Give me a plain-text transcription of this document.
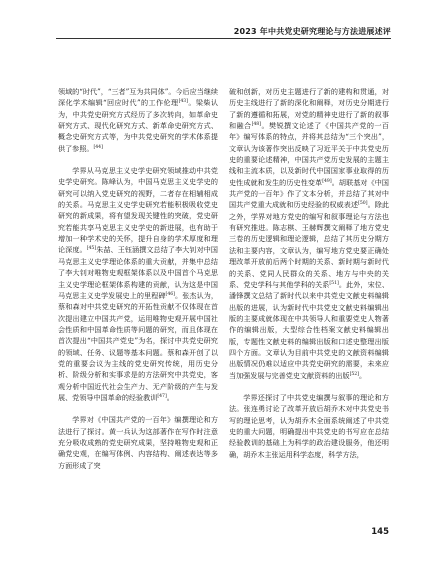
2023 年中共党史研究理论与方法进展述评

领域的“时代”，“三者”互为共同体”。今后应当继续深化学术编辑“回应时代”的工作伦理[43]。梁柴认为，中共党史研究方式经历了多次转向，如革命史研究方式、现代化研究方式、新革命史研究方式、概念史研究方式等，为中共党史研究的学术体系提供了参照。[44]

学界从马克思主义史学史研究领域推动中共党史学史研究。陈峰认为，中国马克思主义史学史的研究可以纳入党史研究的视野，二者存在相辅相成的关系。马克思主义史学史研究若能积极吸收党史研究的新成果，将有望发现关键性的突破，党史研究若能共享马克思主义史学史的新进展，也有助于增加一种学术史的关怀，提升自身的学术厚度和理论深度。[45]朱喆、王钰涵撰文总结了李大钊对中国马克思主义史学理论体系的重大贡献，并集中总结了李大钊对唯物史观框架体系以及中国首个马克思主义史学理论框架体系构建的贡献，认为这是中国马克思主义史学发展史上的里程碑[46]。张杰认为，蔡和森对中共党史研究的开拓性贡献不仅体现在首次提出建立中国共产党，运用唯物史观开展中国社会性质和中国革命性质等问题的研究，而且体现在首次提出“中国共产党史”为名，探讨中共党史研究的领域、任务、议题等基本问题。蔡和森开创了以党的重要会议为主线的党史研究传统，用历史分析、阶级分析和实事求是的方法研究中共党史，客观分析中国近代社会生产力、无产阶级的产生与发展、党领导中国革命的经验教训[47]。

学界对《中国共产党的一百年》编撰理论和方法进行了探讨。黄一兵认为这部著作在写作时注意充分吸收成熟的党史研究成果，坚持唯物史观和正确党史观，在编写体例、内容结构、阐述表达等多方面形成了突

破和创新，对历史主题进行了新的建构和贯通，对历史主线进行了新的深化和阐释，对历史分期进行了新的遵循和拓展，对党的精神史进行了新的叙事和融合[48]。樊锐撰文论述了《中国共产党的一百年》编写体系的特点，并将其总结为“三个突出”，文章认为该著作突出反映了习近平关于中共党史历史的重要论述精神，中国共产党历史发展的主题主线和主流本质，以及新时代中国国家事业取得的历史性成就和发生的历史性变革[49]。胡联基对《中国共产党的一百年》作了文本分析，并总结了其对中国共产党重大成就和历史经验的权威表述[50]。除此之外，学界对地方党史的编写和叙事理论与方法也有研究推进。陈志棋、王赫辉撰文阐释了地方党史三卷的历史逻辑和理论逻辑，总结了其历史分期方法和主要内容，文章认为，编写地方党史要正确处理改革开放前后两个时期的关系、新时期与新时代的关系、党同人民群众的关系、地方与中央的关系、党史学科与其他学科的关系[51]。此外，宋位、潘锋撰文总结了新时代以来中共党史文献史料编辑出版的进展，认为新时代中共党史文献史料编辑出版的主要成就体现在中共领导人和重要党史人物著作的编辑出版，大型综合性档案文献史料编辑出版，专题性文献史料的编辑出版和口述史整理出版四个方面。文章认为目前中共党史的文献资料编辑出版情况仍难以适应中共党史研究的需要，未来应当加强发展与完善党史文献资料的出版[52]。

学界还探讨了中共党史编撰与叙事的理论和方法。张连勇讨论了改革开放后胡乔木对中共党史书写的理论思考，认为胡乔木全面系统阐述了中共党史的重大问题，明确提出中共党史的书写应在总结经验教训的基础上为科学的政治建设服务，他还明确，胡乔木主张运用科学态度，科学方法，

145
